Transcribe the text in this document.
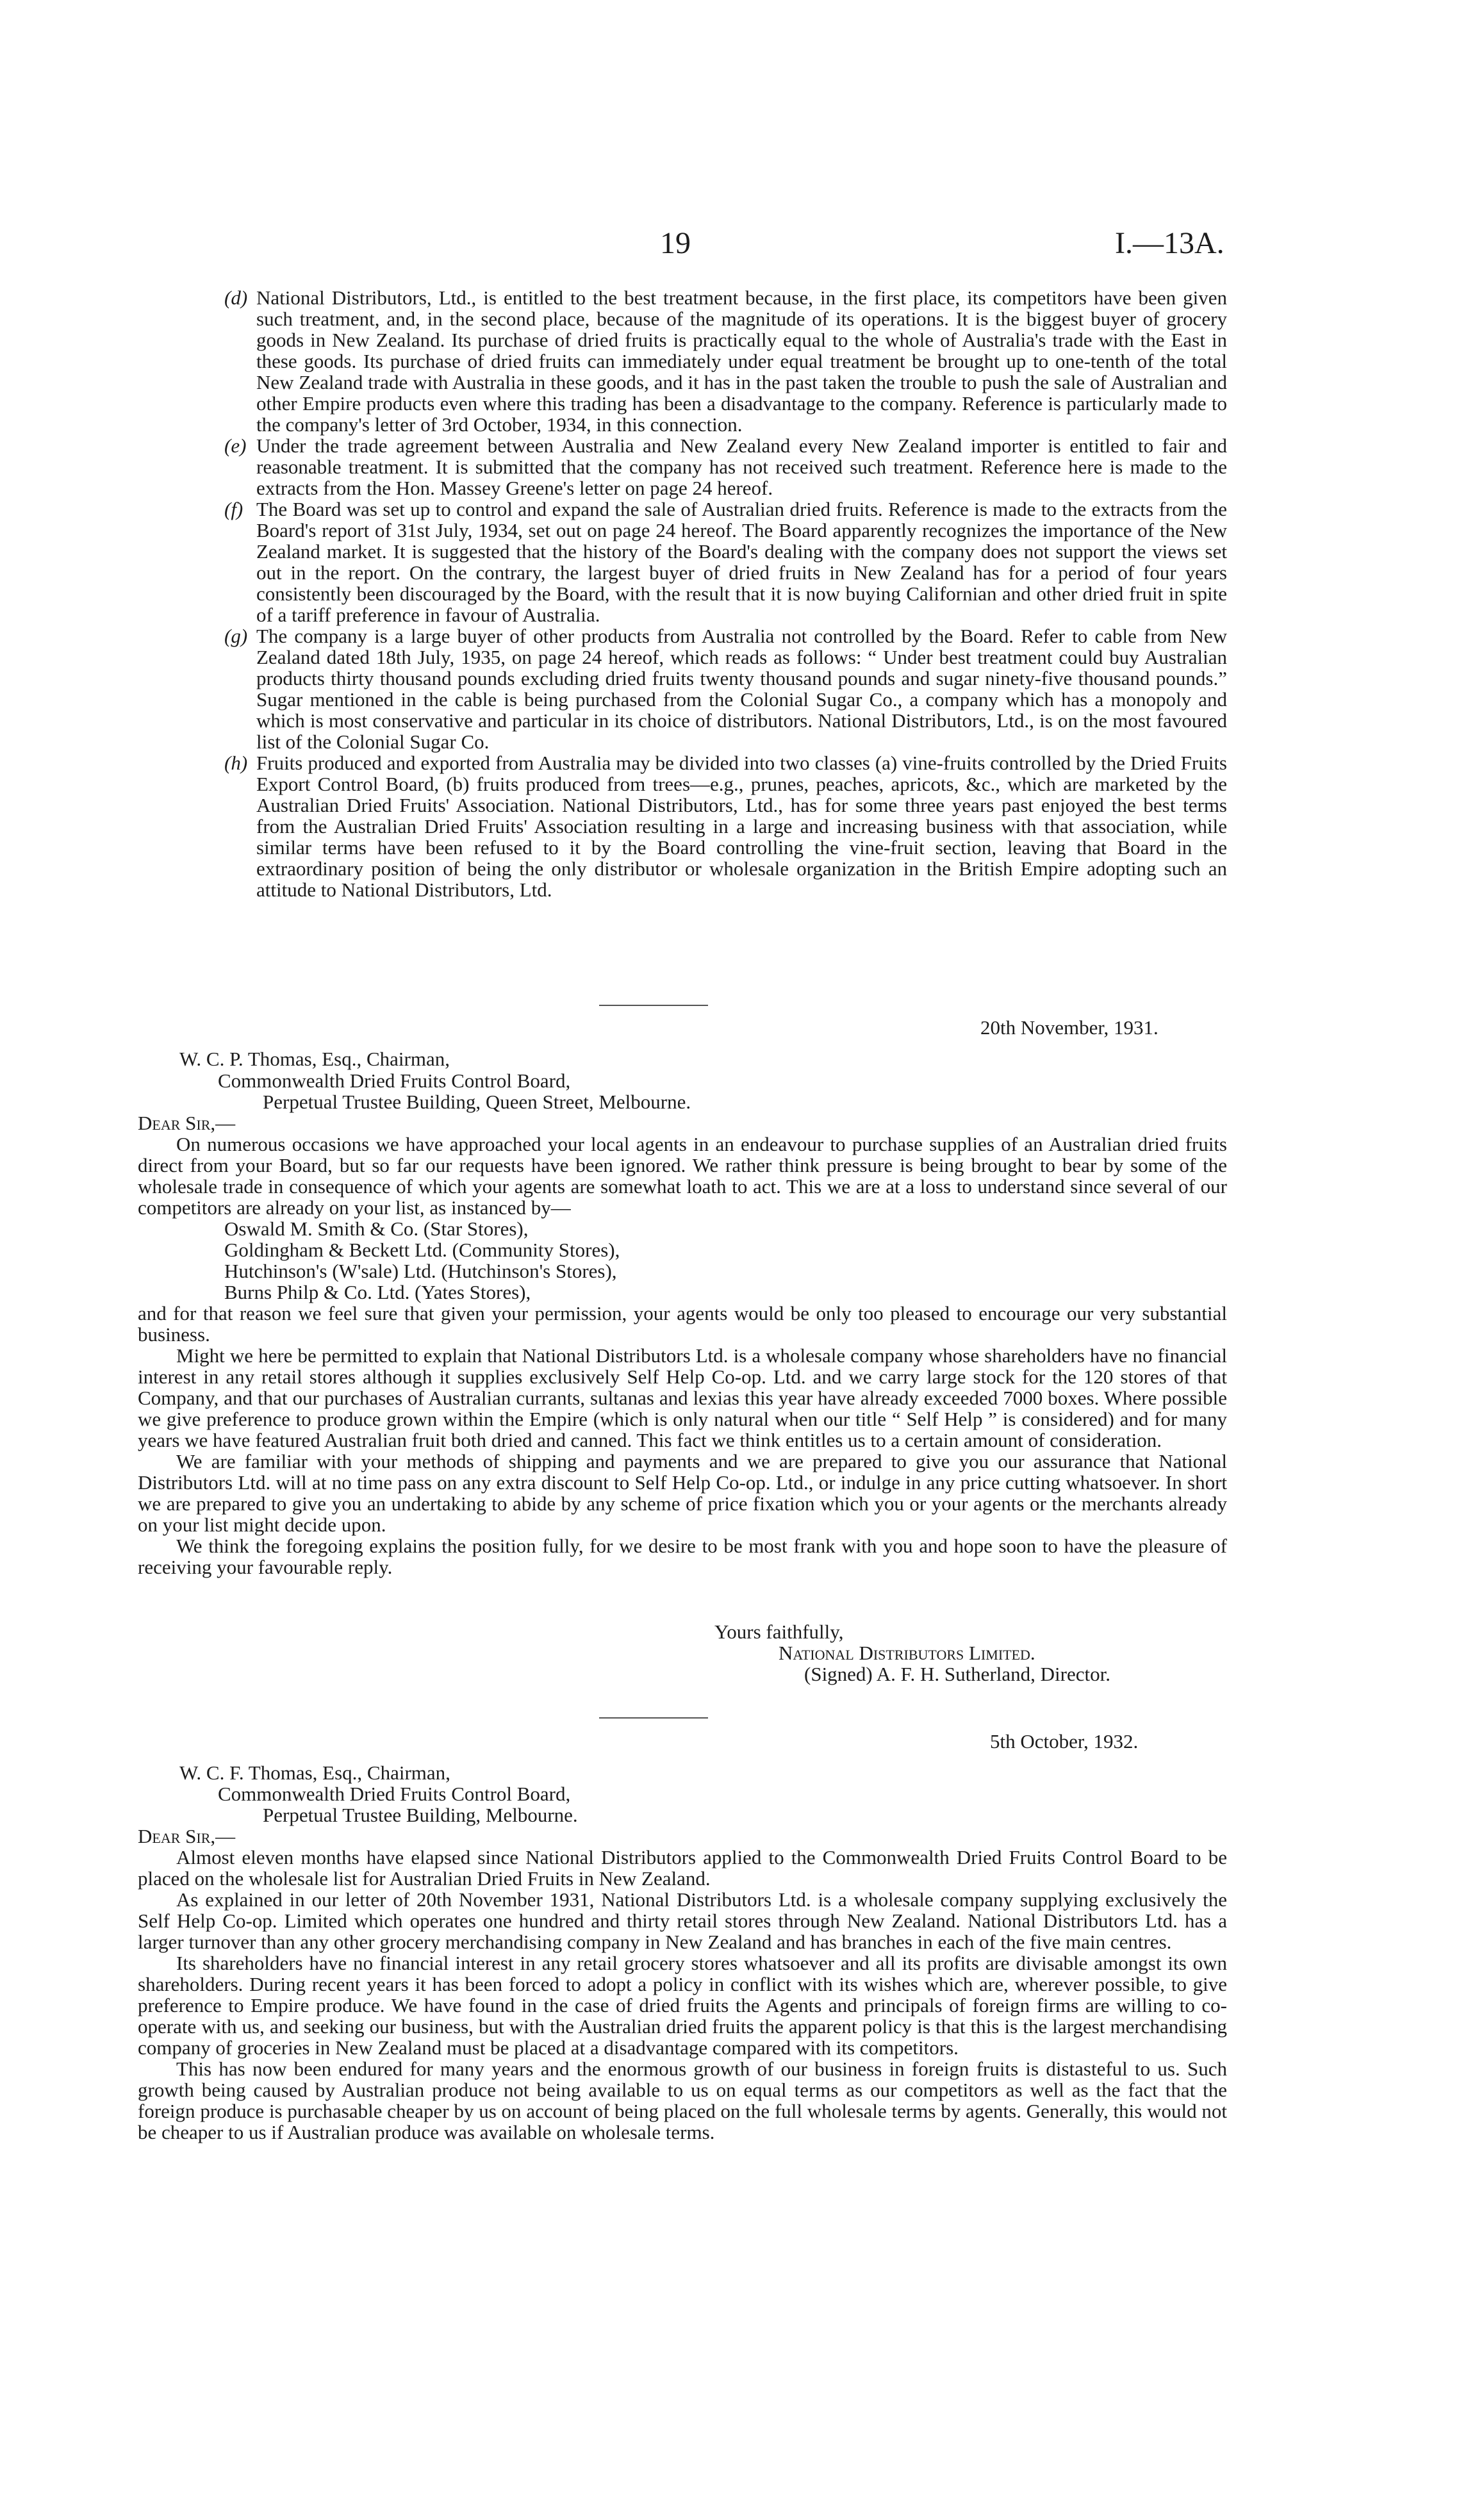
19	I.—13A.
(d) National Distributors, Ltd., is entitled to the best treatment because, in the first place, its competitors have been given such treatment, and, in the second place, because of the magnitude of its operations. It is the biggest buyer of grocery goods in New Zealand. Its purchase of dried fruits is practically equal to the whole of Australia's trade with the East in these goods. Its purchase of dried fruits can immediately under equal treatment be brought up to one-tenth of the total New Zealand trade with Australia in these goods, and it has in the past taken the trouble to push the sale of Australian and other Empire products even where this trading has been a disadvantage to the company. Reference is particularly made to the company's letter of 3rd October, 1934, in this connection.
(e) Under the trade agreement between Australia and New Zealand every New Zealand importer is entitled to fair and reasonable treatment. It is submitted that the company has not received such treatment. Reference here is made to the extracts from the Hon. Massey Greene's letter on page 24 hereof.
(f) The Board was set up to control and expand the sale of Australian dried fruits. Reference is made to the extracts from the Board's report of 31st July, 1934, set out on page 24 hereof. The Board apparently recognizes the importance of the New Zealand market. It is suggested that the history of the Board's dealing with the company does not support the views set out in the report. On the contrary, the largest buyer of dried fruits in New Zealand has for a period of four years consistently been discouraged by the Board, with the result that it is now buying Californian and other dried fruit in spite of a tariff preference in favour of Australia.
(g) The company is a large buyer of other products from Australia not controlled by the Board. Refer to cable from New Zealand dated 18th July, 1935, on page 24 hereof, which reads as follows: “ Under best treatment could buy Australian products thirty thousand pounds excluding dried fruits twenty thousand pounds and sugar ninety-five thousand pounds.” Sugar mentioned in the cable is being purchased from the Colonial Sugar Co., a company which has a monopoly and which is most conservative and particular in its choice of distributors. National Distributors, Ltd., is on the most favoured list of the Colonial Sugar Co.
(h) Fruits produced and exported from Australia may be divided into two classes (a) vine-fruits controlled by the Dried Fruits Export Control Board, (b) fruits produced from trees—e.g., prunes, peaches, apricots, &c., which are marketed by the Australian Dried Fruits' Association. National Distributors, Ltd., has for some three years past enjoyed the best terms from the Australian Dried Fruits' Association resulting in a large and increasing business with that association, while similar terms have been refused to it by the Board controlling the vine-fruit section, leaving that Board in the extraordinary position of being the only distributor or wholesale organization in the British Empire adopting such an attitude to National Distributors, Ltd.
20th November, 1931.
W. C. P. Thomas, Esq., Chairman,
Commonwealth Dried Fruits Control Board,
Perpetual Trustee Building, Queen Street, Melbourne.
Dear Sir,—

On numerous occasions we have approached your local agents in an endeavour to purchase supplies of an Australian dried fruits direct from your Board, but so far our requests have been ignored. We rather think pressure is being brought to bear by some of the wholesale trade in consequence of which your agents are somewhat loath to act. This we are at a loss to understand since several of our competitors are already on your list, as instanced by—

Oswald M. Smith & Co. (Star Stores),
Goldingham & Beckett Ltd. (Community Stores),
Hutchinson's (W'sale) Ltd. (Hutchinson's Stores),
Burns Philp & Co. Ltd. (Yates Stores),

and for that reason we feel sure that given your permission, your agents would be only too pleased to encourage our very substantial business.

Might we here be permitted to explain that National Distributors Ltd. is a wholesale company whose shareholders have no financial interest in any retail stores although it supplies exclusively Self Help Co-op. Ltd. and we carry large stock for the 120 stores of that Company, and that our purchases of Australian currants, sultanas and lexias this year have already exceeded 7000 boxes. Where possible we give preference to produce grown within the Empire (which is only natural when our title “ Self Help ” is considered) and for many years we have featured Australian fruit both dried and canned. This fact we think entitles us to a certain amount of consideration.

We are familiar with your methods of shipping and payments and we are prepared to give you our assurance that National Distributors Ltd. will at no time pass on any extra discount to Self Help Co-op. Ltd., or indulge in any price cutting whatsoever. In short we are prepared to give you an undertaking to abide by any scheme of price fixation which you or your agents or the merchants already on your list might decide upon.

We think the foregoing explains the position fully, for we desire to be most frank with you and hope soon to have the pleasure of receiving your favourable reply.

Yours faithfully,
National Distributors Limited.
(Signed) A. F. H. Sutherland, Director.
5th October, 1932.
W. C. F. Thomas, Esq., Chairman,
Commonwealth Dried Fruits Control Board,
Perpetual Trustee Building, Melbourne.
Dear Sir,—

Almost eleven months have elapsed since National Distributors applied to the Commonwealth Dried Fruits Control Board to be placed on the wholesale list for Australian Dried Fruits in New Zealand.

As explained in our letter of 20th November 1931, National Distributors Ltd. is a wholesale company supplying exclusively the Self Help Co-op. Limited which operates one hundred and thirty retail stores through New Zealand. National Distributors Ltd. has a larger turnover than any other grocery merchandising company in New Zealand and has branches in each of the five main centres.

Its shareholders have no financial interest in any retail grocery stores whatsoever and all its profits are divisable amongst its own shareholders. During recent years it has been forced to adopt a policy in conflict with its wishes which are, wherever possible, to give preference to Empire produce. We have found in the case of dried fruits the Agents and principals of foreign firms are willing to co-operate with us, and seeking our business, but with the Australian dried fruits the apparent policy is that this is the largest merchandising company of groceries in New Zealand must be placed at a disadvantage compared with its competitors.

This has now been endured for many years and the enormous growth of our business in foreign fruits is distasteful to us. Such growth being caused by Australian produce not being available to us on equal terms as our competitors as well as the fact that the foreign produce is purchasable cheaper by us on account of being placed on the full wholesale terms by agents. Generally, this would not be cheaper to us if Australian produce was available on wholesale terms.
